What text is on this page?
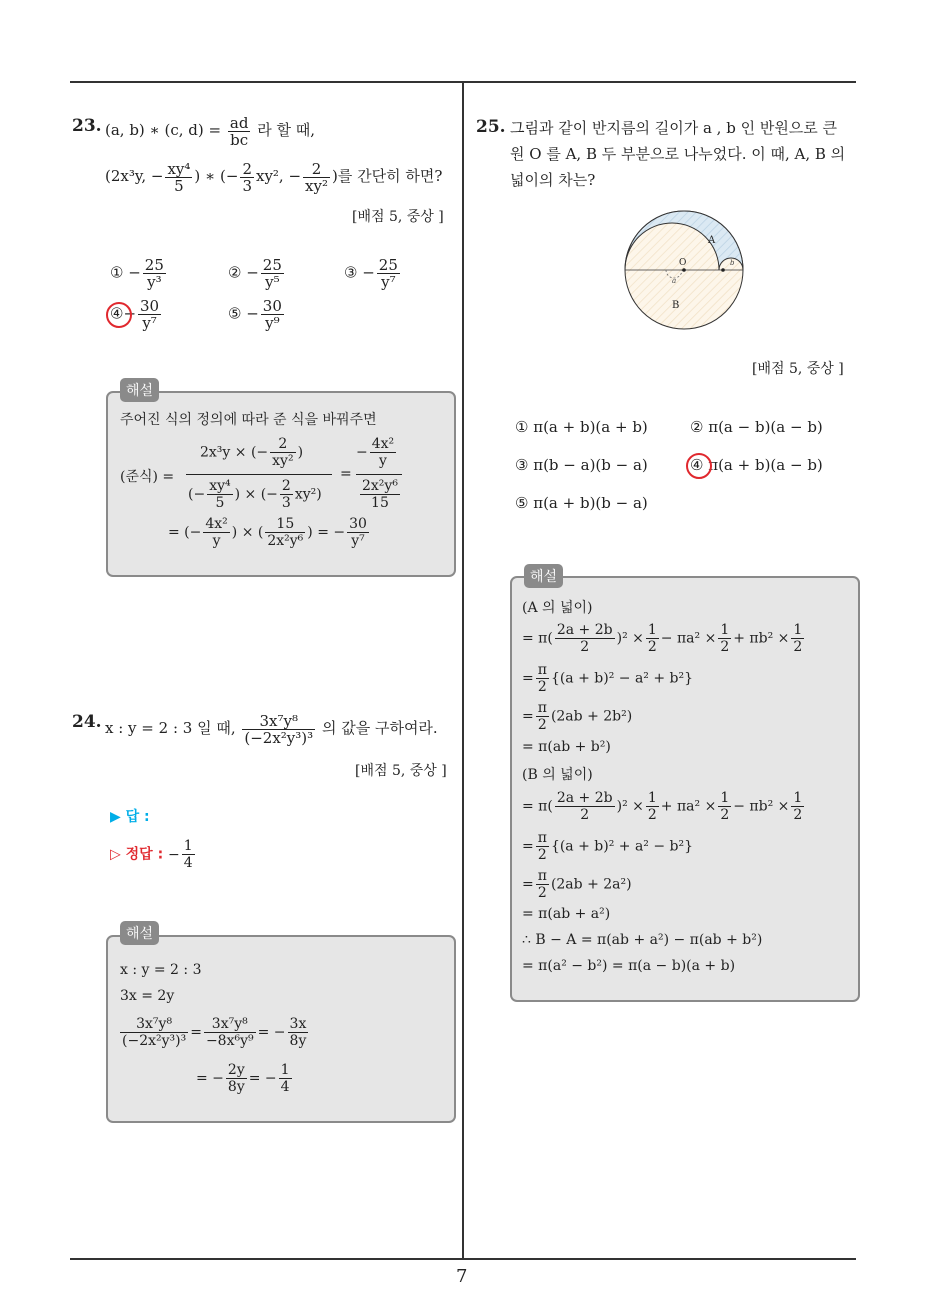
7
23. (a, b) ∗ (c, $d) = \frac{ad}{bc}$ 라 할 때,
(2x³y, − $\frac{\text{xy⁴}}{5}$ ) ∗ (− $\frac{2}{3} xy^2$, − $\frac{2}{\text{xy²}}$ )를 간단히 하면?
[배점 5, 중상 ]
① − $\frac{25}{\text{y³}}$	② − $\frac{25}{\text{y⁵}}$	③ − $\frac{25}{\text{y⁷}}$
④− $\frac{30}{\text{y⁷}}$	⑤ − $\frac{30}{\text{y⁹}}$
해설
주어진 식의 정의에 따라 준 식을 바꿔주면
(준식) =
2x³y × (− $\frac{2}{\text{xy²}}$ )
(− $\frac{\text{xy⁴}}{5}$ ) × (− $\frac{2}{3} xy^2$)
=
− $\frac{\text{4x²}}{y}$
$\frac{\text{2x²y⁶}}{15}$
= (− $\frac{\text{4x²}}{y}$ ) × ( $\frac{15}{\text{2x²y⁶}}$ ) = − $\frac{30}{\text{y⁷}}$
24. x : y = 2 : 3 일 때, $\frac{\text{3x⁷y⁸}}{\text{(−2x²y³)³}}$ 의 값을 구하여라.
[배점 5, 중상 ]
▶ 답 :
▷ 정답 : − $\frac{1}{4}$
해설
x : y = 2 : 3
3x = 2y
$\frac{\text{3x⁷y⁸}}{\text{(−2x²y³)³}} = \frac{\text{3x⁷y⁸}}{\text{−8x⁶y⁹}}$ = − $\frac{3x}{8y}$
= − $\frac{2y}{8y}$ = − $\frac{1}{4}$
25. 그림과 같이 반지름의 길이가 a , b 인 반원으로 큰
원 O 를 A, B 두 부분으로 나누었다. 이 때, A, B 의
넓이의 차는?
A
B
O
a
b
[배점 5, 중상 ]
① π(a + b)(a + b)	② π(a − b)(a − b)
③ π(b − a)(b − a)	④ π(a + b)(a − b)
⑤ π(a + b)(b − a)
해설
(A 의 넓이)
= $\pi( \frac{2a + 2b}{2} )^2 \times \frac{1}{2} - \pi a^2 \times \frac{1}{2} + \pi b^2 \times \frac{1}{2}$
= $\frac{\pi}{2} \{(a + b)^2 - a^2 + b^2\}$
= $\frac{\pi}{2} (2ab + 2b^2)$
= π(ab + b²)
(B 의 넓이)
= $\pi( \frac{2a + 2b}{2} )^2 \times \frac{1}{2} + \pi a^2 \times \frac{1}{2} - \pi b^2 \times \frac{1}{2}$
= $\frac{\pi}{2} \{(a + b)^2 + a^2 - b^2\}$
= $\frac{\pi}{2} (2ab + 2a^2)$
= π(ab + a²)
∴ B − A = π(ab + a²) − π(ab + b²)
= π(a² − b²) = π(a − b)(a + b)
